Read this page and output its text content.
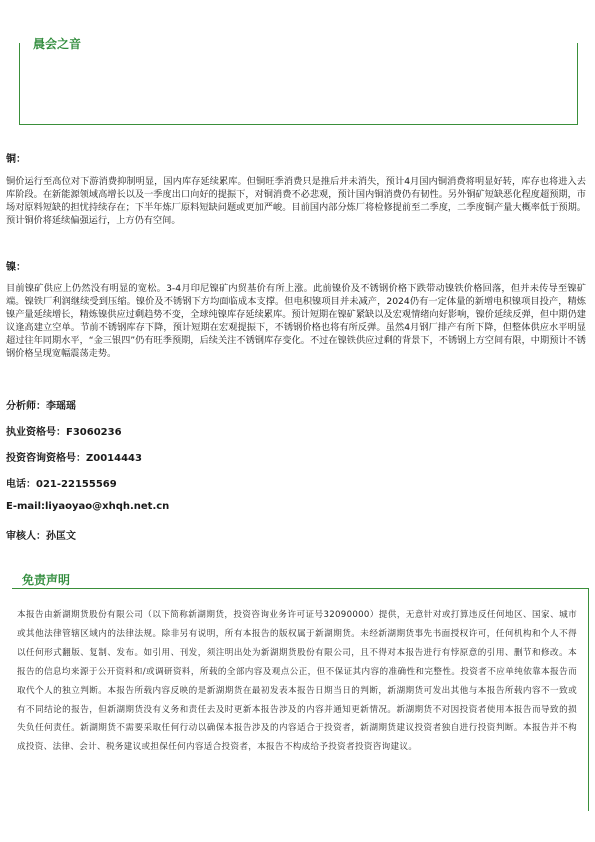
晨会之音
铜：

铜价运行至高位对下游消费抑制明显，国内库存延续累库。但铜旺季消费只是推后并未消失，预计4月国内铜消费将明显好转，库存也将进入去库阶段。在新能源领域高增长以及一季度出口向好的提振下，对铜消费不必悲观，预计国内铜消费仍有韧性。另外铜矿短缺恶化程度超预期，市场对原料短缺的担忧持续存在；下半年炼厂原料短缺问题或更加严峻。目前国内部分炼厂将检修提前至二季度，二季度铜产量大概率低于预期。预计铜价将延续偏强运行，上方仍有空间。

镍：

目前镍矿供应上仍然没有明显的宽松。3-4月印尼镍矿内贸基价有所上涨。此前镍价及不锈钢价格下跌带动镍铁价格回落，但并未传导至镍矿端。镍铁厂利润继续受到压缩。镍价及不锈钢下方均面临成本支撑。但电积镍项目并未减产，2024仍有一定体量的新增电积镍项目投产，精炼镍产量延续增长，精炼镍供应过剩趋势不变，全球纯镍库存延续累库。预计短期在镍矿紧缺以及宏观情绪向好影响，镍价延续反弹，但中期仍建议逢高建立空单。节前不锈钢库存下降，预计短期在宏观提振下，不锈钢价格也将有所反弹。虽然4月钢厂排产有所下降，但整体供应水平明显超过往年同期水平，“金三银四”仍有旺季预期，后续关注不锈钢库存变化。不过在镍铁供应过剩的背景下，不锈钢上方空间有限，中期预计不锈钢价格呈现宽幅震荡走势。

分析师：李瑶瑶
执业资格号：F3060236
投资咨询资格号：Z0014443
电话：021-22155569
E-mail:liyaoyao@xhqh.net.cn
审核人：孙匡文
免责声明

本报告由新湖期货股份有限公司（以下简称新湖期货，投资咨询业务许可证号32090000）提供，无意针对或打算违反任何地区、国家、城市或其他法律管辖区域内的法律法规。除非另有说明，所有本报告的版权属于新湖期货。未经新湖期货事先书面授权许可，任何机构和个人不得以任何形式翻版、复制、发布。如引用、刊发，须注明出处为新湖期货股份有限公司，且不得对本报告进行有悖原意的引用、删节和修改。本报告的信息均来源于公开资料和/或调研资料，所载的全部内容及观点公正，但不保证其内容的准确性和完整性。投资者不应单纯依靠本报告而取代个人的独立判断。本报告所载内容反映的是新湖期货在最初发表本报告日期当日的判断，新湖期货可发出其他与本报告所载内容不一致或有不同结论的报告，但新湖期货没有义务和责任去及时更新本报告涉及的内容并通知更新情况。新湖期货不对因投资者使用本报告而导致的损失负任何责任。新湖期货不需要采取任何行动以确保本报告涉及的内容适合于投资者，新湖期货建议投资者独自进行投资判断。本报告并不构成投资、法律、会计、税务建议或担保任何内容适合投资者，本报告不构成给予投资者投资咨询建议。
